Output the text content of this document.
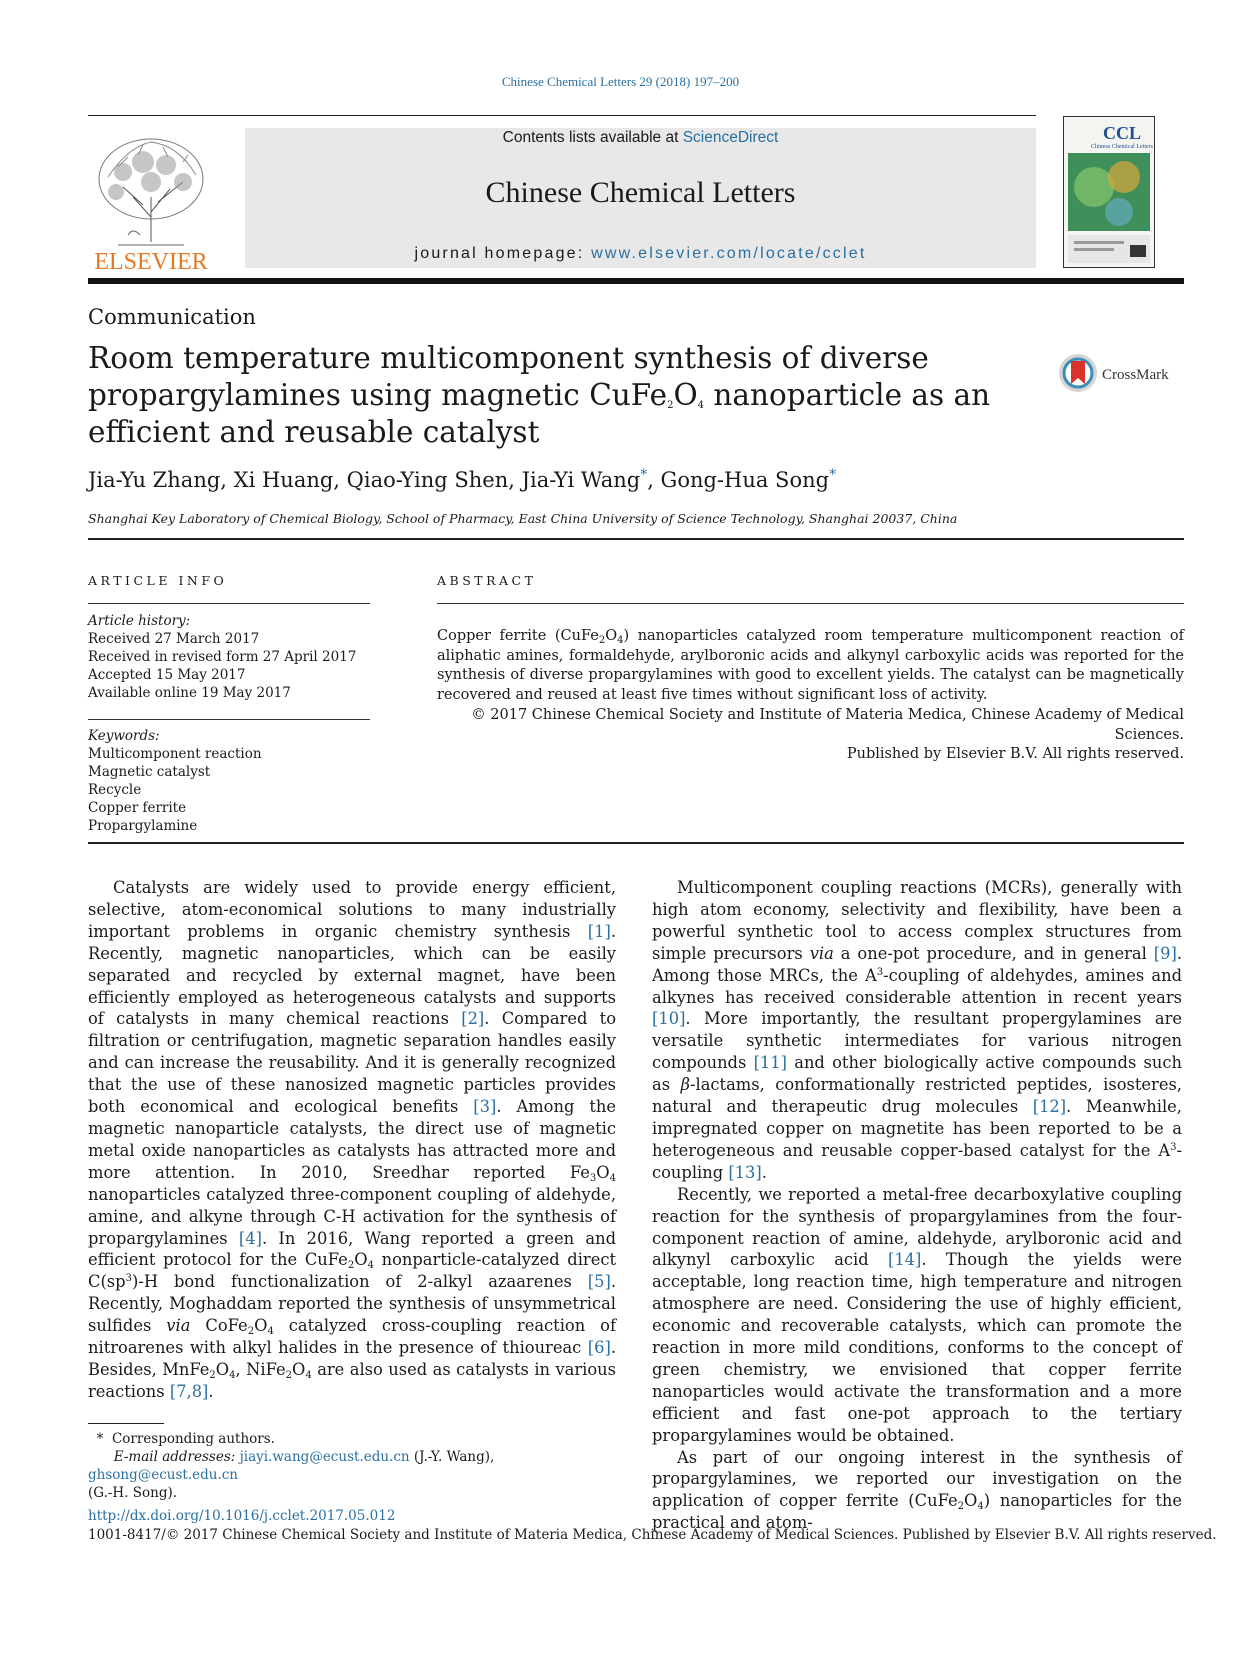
Chinese Chemical Letters 29 (2018) 197–200
ELSEVIER
Contents lists available at ScienceDirect
Chinese Chemical Letters
journal homepage: www.elsevier.com/locate/cclet
CCL
Chinese Chemical Letters
Communication
Room temperature multicomponent synthesis of diverse propargylamines using magnetic $CuFe_2O_4$ nanoparticle as an efficient and reusable catalyst
CrossMark
Jia-Yu Zhang, Xi Huang, Qiao-Ying Shen, Jia-Yi Wang*, Gong-Hua Song*
Shanghai Key Laboratory of Chemical Biology, School of Pharmacy, East China University of Science Technology, Shanghai 20037, China
ARTICLE INFO	ABSTRACT
Article history:
Received 27 March 2017
Received in revised form 27 April 2017
Accepted 15 May 2017
Available online 19 May 2017
Keywords:
Multicomponent reaction
Magnetic catalyst
Recycle
Copper ferrite
Propargylamine
Copper ferrite $(CuFe_2O_4)$ nanoparticles catalyzed room temperature multicomponent reaction of aliphatic amines, formaldehyde, arylboronic acids and alkynyl carboxylic acids was reported for the synthesis of diverse propargylamines with good to excellent yields. The catalyst can be magnetically recovered and reused at least five times without significant loss of activity.
© 2017 Chinese Chemical Society and Institute of Materia Medica, Chinese Academy of Medical Sciences.
Published by Elsevier B.V. All rights reserved.

Catalysts are widely used to provide energy efficient, selective, atom-economical solutions to many industrially important problems in organic chemistry synthesis [1]. Recently, magnetic nanoparticles, which can be easily separated and recycled by external magnet, have been efficiently employed as heterogeneous catalysts and supports of catalysts in many chemical reactions [2]. Compared to filtration or centrifugation, magnetic separation handles easily and can increase the reusability. And it is generally recognized that the use of these nanosized magnetic particles provides both economical and ecological benefits [3]. Among the magnetic nanoparticle catalysts, the direct use of magnetic metal oxide nanoparticles as catalysts has attracted more and more attention. In 2010, Sreedhar reported $Fe_3O_4$ nanoparticles catalyzed three-component coupling of aldehyde, amine, and alkyne through C-H activation for the synthesis of propargylamines [4]. In 2016, Wang reported a green and efficient protocol for the $CuFe_2O_4$ nonparticle-catalyzed direct $C(sp^3)-H$ bond functionalization of 2-alkyl azaarenes [5]. Recently, Moghaddam reported the synthesis of unsymmetrical sulfides via $CoFe_2O_4$ catalyzed cross-coupling reaction of nitroarenes with alkyl halides in the presence of thioureac [6]. Besides, $MnFe_2O_4$, $NiFe_2O_4$ are also used as catalysts in various reactions [7,8].

Multicomponent coupling reactions (MCRs), generally with high atom economy, selectivity and flexibility, have been a powerful synthetic tool to access complex structures from simple precursors via a one-pot procedure, and in general [9]. Among those MRCs, the $A^3$-coupling of aldehydes, amines and alkynes has received considerable attention in recent years [10]. More importantly, the resultant propergylamines are versatile synthetic intermediates for various nitrogen compounds [11] and other biologically active compounds such as β-lactams, conformationally restricted peptides, isosteres, natural and therapeutic drug molecules [12]. Meanwhile, impregnated copper on magnetite has been reported to be a heterogeneous and reusable copper-based catalyst for the $A^3$-coupling [13].

Recently, we reported a metal-free decarboxylative coupling reaction for the synthesis of propargylamines from the four-component reaction of amine, aldehyde, arylboronic acid and alkynyl carboxylic acid [14]. Though the yields were acceptable, long reaction time, high temperature and nitrogen atmosphere are need. Considering the use of highly efficient, economic and recoverable catalysts, which can promote the reaction in more mild conditions, conforms to the concept of green chemistry, we envisioned that copper ferrite nanoparticles would activate the transformation and a more efficient and fast one-pot approach to the tertiary propargylamines would be obtained.

As part of our ongoing interest in the synthesis of propargylamines, we reported our investigation on the application of copper ferrite $(CuFe_2O_4)$ nanoparticles for the practical and atom-

* Corresponding authors.
E-mail addresses: jiayi.wang@ecust.edu.cn (J.-Y. Wang), ghsong@ecust.edu.cn
(G.-H. Song).
http://dx.doi.org/10.1016/j.cclet.2017.05.012
1001-8417/© 2017 Chinese Chemical Society and Institute of Materia Medica, Chinese Academy of Medical Sciences. Published by Elsevier B.V. All rights reserved.
